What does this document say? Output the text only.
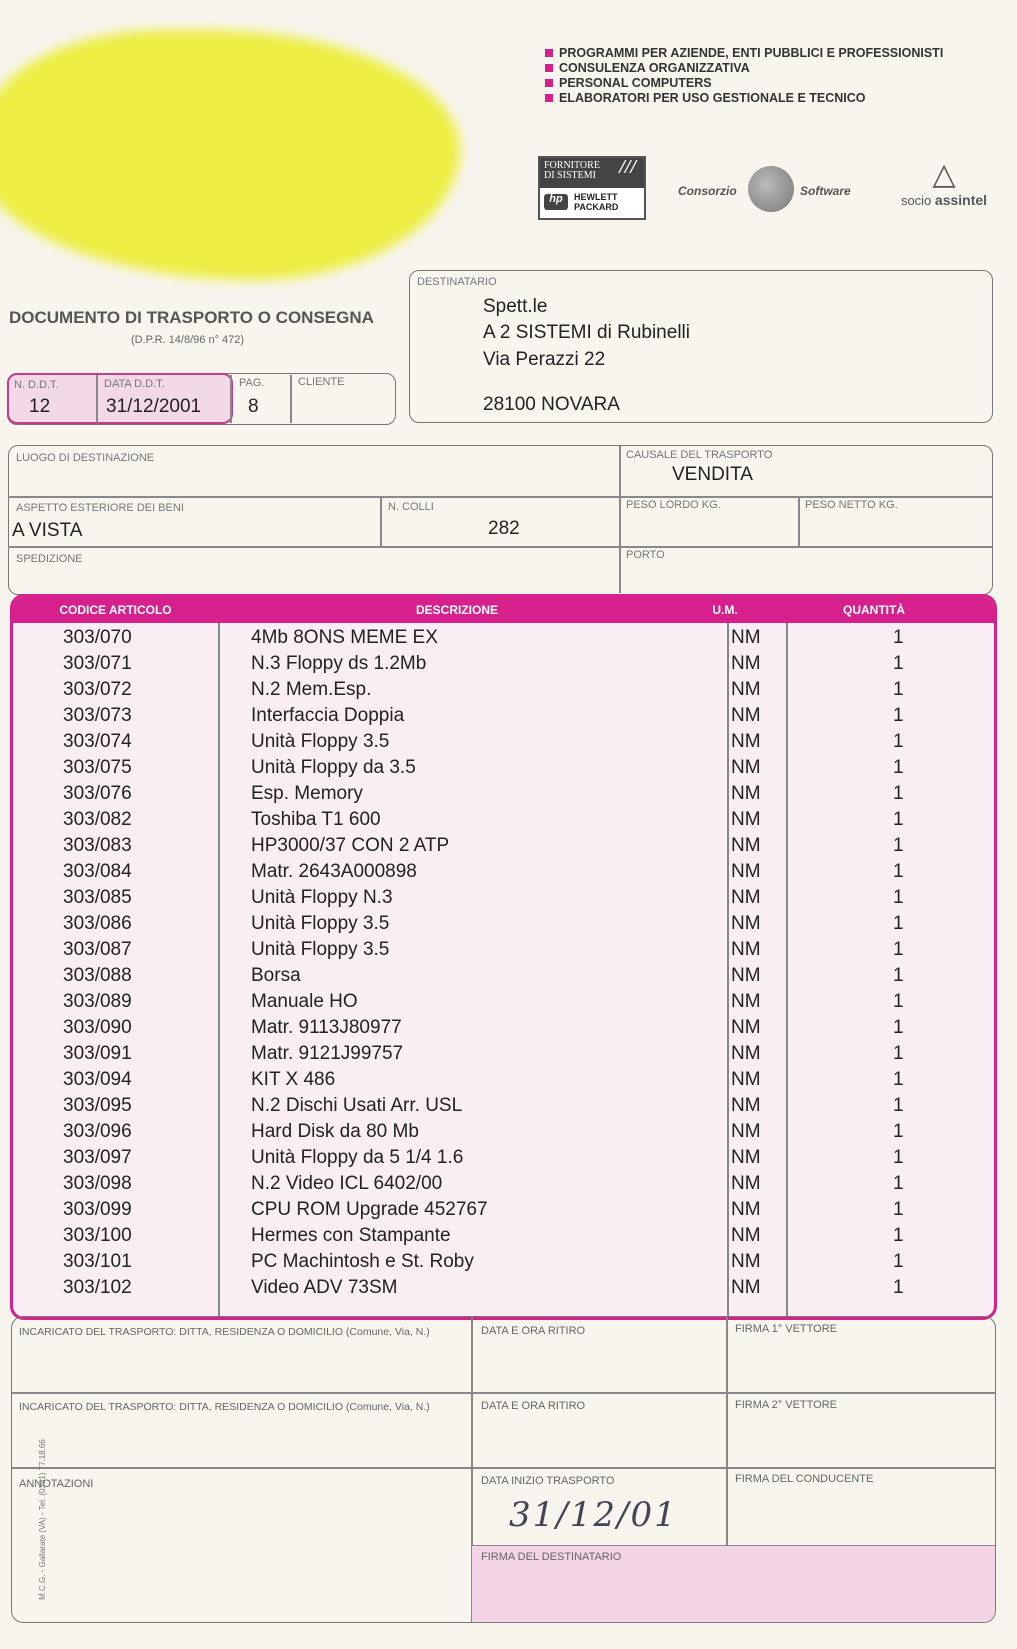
PROGRAMMI PER AZIENDE, ENTI PUBBLICI E PROFESSIONISTI
CONSULENZA ORGANIZZATIVA
PERSONAL COMPUTERS
ELABORATORI PER USO GESTIONALE E TECNICO
FORNITORE
DI SISTEMI	///
hp	HEWLETT
PACKARD
Consorzio	Software	△
socio assintel
DOCUMENTO DI TRASPORTO O CONSEGNA
(D.P.R. 14/8/96 n° 472)
N. D.D.T.
12
DATA D.D.T.
31/12/2001
PAG.
8
CLIENTE
DESTINATARIO
Spett.le
A 2 SISTEMI di Rubinelli
Via Perazzi 22
28100 NOVARA
LUOGO DI DESTINAZIONE	CAUSALE DEL TRASPORTO
VENDITA
ASPETTO ESTERIORE DEI BENI
A VISTA
N. COLLI
282
PESO LORDO KG.	PESO NETTO KG.
SPEDIZIONE	PORTO
CODICE ARTICOLO	DESCRIZIONE	U.M.	QUANTITÀ
303/070	4Mb 8ONS MEME EX	NM	1
303/071	N.3 Floppy ds 1.2Mb	NM	1
303/072	N.2 Mem.Esp.	NM	1
303/073	Interfaccia Doppia	NM	1
303/074	Unità Floppy 3.5	NM	1
303/075	Unità Floppy da 3.5	NM	1
303/076	Esp. Memory	NM	1
303/082	Toshiba T1 600	NM	1
303/083	HP3000/37 CON 2 ATP	NM	1
303/084	Matr. 2643A000898	NM	1
303/085	Unità Floppy N.3	NM	1
303/086	Unità Floppy 3.5	NM	1
303/087	Unità Floppy 3.5	NM	1
303/088	Borsa	NM	1
303/089	Manuale HO	NM	1
303/090	Matr. 9113J80977	NM	1
303/091	Matr. 9121J99757	NM	1
303/094	KIT X 486	NM	1
303/095	N.2 Dischi Usati Arr. USL	NM	1
303/096	Hard Disk da 80 Mb	NM	1
303/097	Unità Floppy da 5 1/4 1.6	NM	1
303/098	N.2 Video ICL 6402/00	NM	1
303/099	CPU ROM Upgrade 452767	NM	1
303/100	Hermes con Stampante	NM	1
303/101	PC Machintosh e St. Roby	NM	1
303/102	Video ADV 73SM	NM	1
INCARICATO DEL TRASPORTO: DITTA, RESIDENZA O DOMICILIO (Comune, Via, N.)	DATA E ORA RITIRO	FIRMA 1° VETTORE
INCARICATO DEL TRASPORTO: DITTA, RESIDENZA O DOMICILIO (Comune, Via, N.)	DATA E ORA RITIRO	FIRMA 2° VETTORE
ANNOTAZIONI	DATA INIZIO TRASPORTO
31/12/01
FIRMA DEL CONDUCENTE
FIRMA DEL DESTINATARIO
M.C.G. - Gallarate (VA) - Tel. (0331) 77.18.66
